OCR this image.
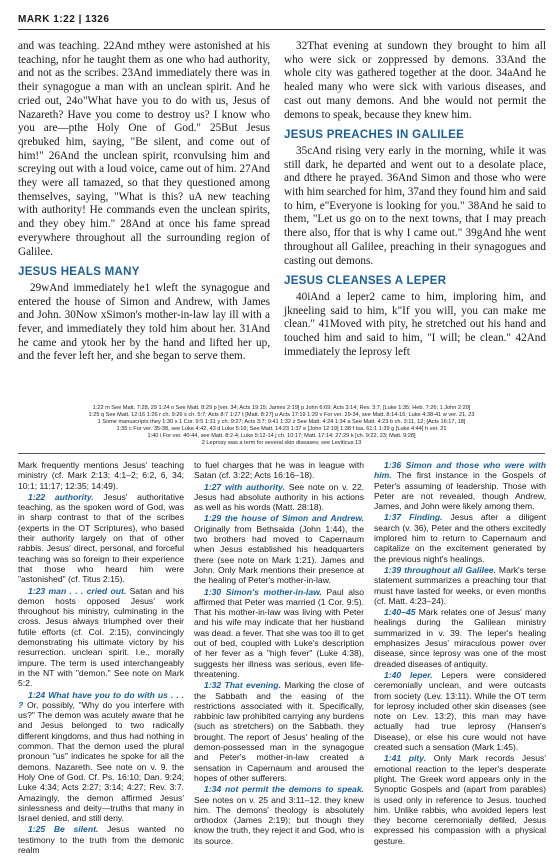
MARK 1:22 | 1326

and was teaching. 22And mthey were astonished at his teaching, nfor he taught them as one who had authority, and not as the scribes. 23And immediately there was in their synagogue a man with an unclean spirit. And he cried out, 24o"What have you to do with us, Jesus of Nazareth? Have you come to destroy us? I know who you are—pthe Holy One of God." 25But Jesus qrebuked him, saying, "Be silent, and come out of him!" 26And the unclean spirit, rconvulsing him and screying out with a loud voice, came out of him. 27And they were all tamazed, so that they questioned among themselves, saying, "What is this? uA new teaching with authority! He commands even the unclean spirits, and they obey him." 28And at once his fame spread everywhere throughout all the surrounding region of Galilee.

JESUS HEALS MANY

29wAnd immediately he1 wleft the synagogue and entered the house of Simon and Andrew, with James and John. 30Now xSimon's mother-in-law lay ill with a fever, and immediately they told him about her. 31And he came and ytook her by the hand and lifted her up, and the fever left her, and she began to serve them.

32That evening at sundown they brought to him all who were sick or zoppressed by demons. 33And the whole city was gathered together at the door. 34aAnd he healed many who were sick with various diseases, and cast out many demons. And bhe would not permit the demons to speak, because they knew him.

JESUS PREACHES IN GALILEE

35cAnd rising very early in the morning, while it was still dark, he departed and went out to a desolate place, and dthere he prayed. 36And Simon and those who were with him searched for him, 37and they found him and said to him, e"Everyone is looking for you." 38And he said to them, "Let us go on to the next towns, that I may preach there also, ffor that is why I came out." 39gAnd hhe went throughout all Galilee, preaching in their synagogues and casting out demons.

JESUS CLEANSES A LEPER

40iAnd a leper2 came to him, imploring him, and jkneeling said to him, k"If you will, you can make me clean." 41Moved with pity, he stretched out his hand and touched him and said to him, "I will; be clean." 42And immediately the leprosy left

1:22 m See Matt. 7:28, 29 1:24 o See Matt. 8:29 p [ver. 34; Acts 19:15; James 2:19] p John 6:69; Acts 3:14; Rev. 3:7; [Luke 1:35; Heb. 7:26; 1 John 2:20]
1:25 q See Matt. 12:16 1:26 r ch. 9:26 s ch. 5:7; Acts 8:7 1:27 t [Matt. 8:27] u Acts 17:19 1:29 v For ver. 29-34, see Matt. 8:14-16; Luke 4:38-41 w ver. 21, 23
1 Some manuscripts they 1:30 x 1 Cor. 9:5 1:31 y ch. 9:27; Acts 3:7; 9:41 1:32 z See Matt. 4:24 1:34 a See Matt. 4:23 b ch. 3:11, 12; [Acts 16:17, 18]
1:35 c For ver. 35-38, see Luke 4:42, 43 d Luke 5:16; See Matt. 14:23 1:37 e [John 12:19] 1:38 f Isa. 61:1 1:39 g [Luke 4:44] h ver. 21
1:40 i For ver. 40-44, see Matt. 8:2-4; Luke 5:12-14 j ch. 10:17; Matt. 17:14; 27:29 k [ch. 9:22, 23; Matt. 9:28]
2 Leprosy was a term for several skin diseases; see Leviticus 13

Mark frequently mentions Jesus' teaching ministry (cf. Mark 2:13; 4:1–2; 6:2, 6, 34; 10:1; 11:17; 12:35; 14:49).

1:22 authority. Jesus' authoritative teaching, as the spoken word of God, was in sharp contrast to that of the scribes (experts in the OT Scriptures), who based their authority largely on that of other rabbis. Jesus' direct, personal, and forceful teaching was so foreign to their experience that those who heard him were "astonished" (cf. Titus 2:15).

1:23 man . . . cried out. Satan and his demon hosts opposed Jesus' work throughout his ministry, culminating in the cross. Jesus always triumphed over their futile efforts (cf. Col. 2:15), convincingly demonstrating his ultimate victory by his resurrection. unclean spirit. I.e., morally impure. The term is used interchangeably in the NT with "demon." See note on Mark 5:2.

1:24 What have you to do with us . . . ? Or, possibly, "Why do you interfere with us?" The demon was acutely aware that he and Jesus belonged to two radically different kingdoms, and thus had nothing in common. That the demon used the plural pronoun "us" indicates he spoke for all the demons. Nazareth. See note on v. 9. the Holy One of God. Cf. Ps. 16:10; Dan. 9:24; Luke 4:34; Acts 2:27; 3:14; 4:27; Rev. 3:7. Amazingly, the demon affirmed Jesus' sinlessness and deity—truths that many in Israel denied, and still deny.

1:25 Be silent. Jesus wanted no testimony to the truth from the demonic realm

to fuel charges that he was in league with Satan (cf. 3:22; Acts 16:16–18).

1:27 with authority. See note on v. 22. Jesus had absolute authority in his actions as well as his words (Matt. 28:18).

1:29 the house of Simon and Andrew. Originally from Bethsaida (John 1:44), the two brothers had moved to Capernaum when Jesus established his headquarters there (see note on Mark 1:21). James and John. Only Mark mentions their presence at the healing of Peter's mother-in-law.

1:30 Simon's mother-in-law. Paul also affirmed that Peter was married (1 Cor. 9:5). That his mother-in-law was living with Peter and his wife may indicate that her husband was dead. a fever. That she was too ill to get out of bed, coupled with Luke's description of her fever as a "high fever" (Luke 4:38), suggests her illness was serious, even life-threatening.

1:32 That evening. Marking the close of the Sabbath and the easing of the restrictions associated with it. Specifically, rabbinic law prohibited carrying any burdens (such as stretchers) on the Sabbath. they brought. The report of Jesus' healing of the demon-possessed man in the synagogue and Peter's mother-in-law created a sensation in Capernaum and aroused the hopes of other sufferers.

1:34 not permit the demons to speak. See notes on v. 25 and 3:11–12. they knew him. The demons' theology is absolutely orthodox (James 2:19); but though they know the truth, they reject it and God, who is its source.

1:36 Simon and those who were with him. The first instance in the Gospels of Peter's assuming of leadership. Those with Peter are not revealed, though Andrew, James, and John were likely among them.

1:37 Finding. Jesus after a diligent search (v. 36), Peter and the others excitedly implored him to return to Capernaum and capitalize on the excitement generated by the previous night's healings.

1:39 throughout all Galilee. Mark's terse statement summarizes a preaching tour that must have lasted for weeks, or even months (cf. Matt. 4:23–24).

1:40–45 Mark relates one of Jesus' many healings during the Galilean ministry summarized in v. 39. The leper's healing emphasizes Jesus' miraculous power over disease, since leprosy was one of the most dreaded diseases of antiquity.

1:40 leper. Lepers were considered ceremonially unclean, and were outcasts from society (Lev. 13:11). While the OT term for leprosy included other skin diseases (see note on Lev. 13:2), this man may have actually had true leprosy (Hansen's Disease), or else his cure would not have created such a sensation (Mark 1:45).

1:41 pity. Only Mark records Jesus' emotional reaction to the leper's desperate plight. The Greek word appears only in the Synoptic Gospels and (apart from parables) is used only in reference to Jesus. touched him. Unlike rabbis, who avoided lepers lest they become ceremonially defiled, Jesus expressed his compassion with a physical gesture.
